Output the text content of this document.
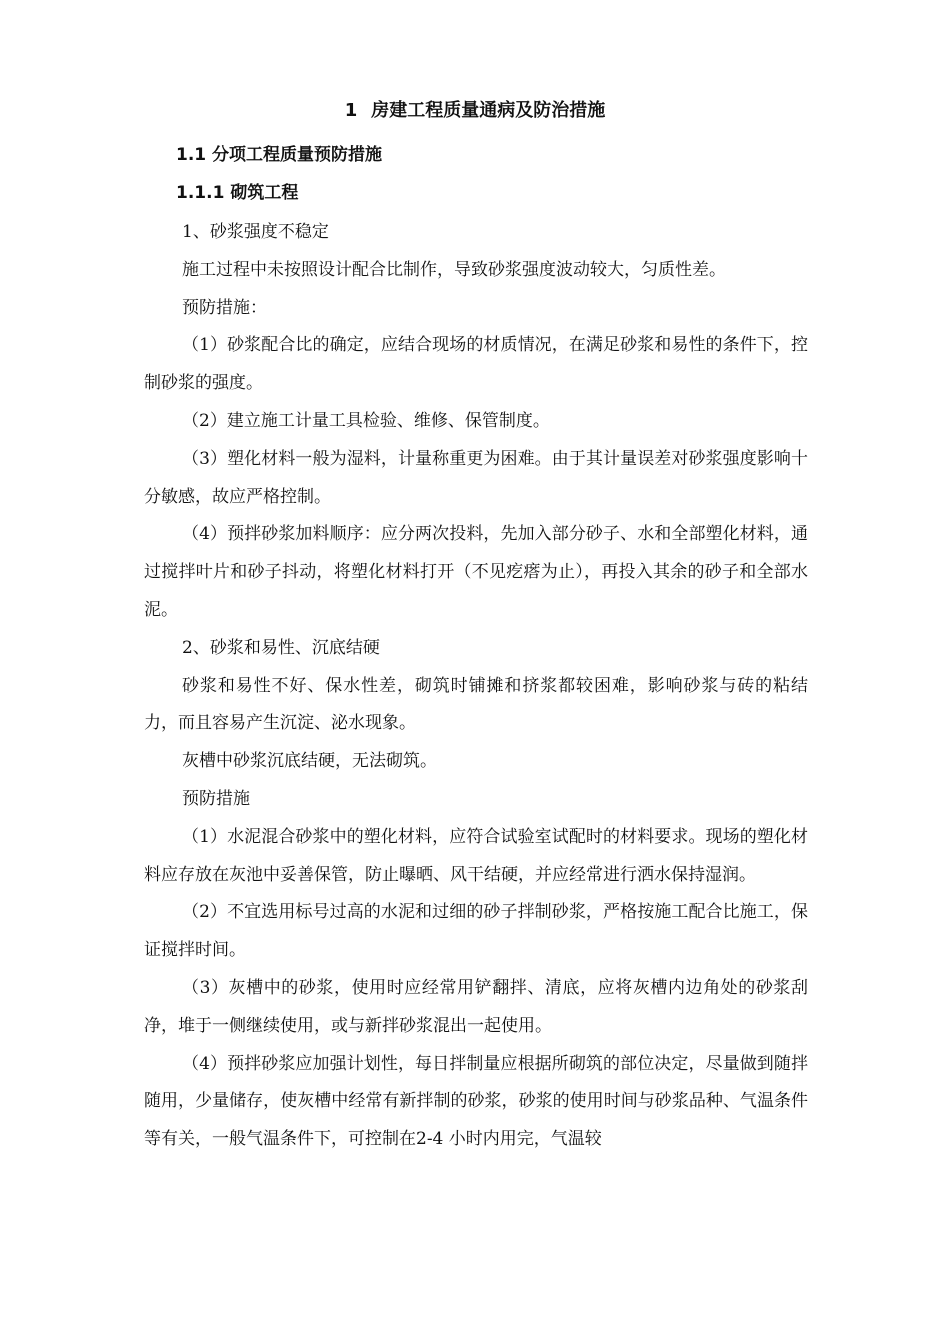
1 房建工程质量通病及防治措施
1.1 分项工程质量预防措施
1.1.1 砌筑工程

1、砂浆强度不稳定

施工过程中未按照设计配合比制作，导致砂浆强度波动较大，匀质性差。

预防措施：

（1）砂浆配合比的确定，应结合现场的材质情况，在满足砂浆和易性的条件下，控制砂浆的强度。

（2）建立施工计量工具检验、维修、保管制度。

（3）塑化材料一般为湿料，计量称重更为困难。由于其计量误差对砂浆强度影响十分敏感，故应严格控制。

（4）预拌砂浆加料顺序：应分两次投料，先加入部分砂子、水和全部塑化材料，通过搅拌叶片和砂子抖动，将塑化材料打开（不见疙瘩为止），再投入其余的砂子和全部水泥。

2、砂浆和易性、沉底结硬

砂浆和易性不好、保水性差，砌筑时铺摊和挤浆都较困难，影响砂浆与砖的粘结力，而且容易产生沉淀、泌水现象。

灰槽中砂浆沉底结硬，无法砌筑。

预防措施

（1）水泥混合砂浆中的塑化材料，应符合试验室试配时的材料要求。现场的塑化材料应存放在灰池中妥善保管，防止曝晒、风干结硬，并应经常进行洒水保持湿润。

（2）不宜选用标号过高的水泥和过细的砂子拌制砂浆，严格按施工配合比施工，保证搅拌时间。

（3）灰槽中的砂浆，使用时应经常用铲翻拌、清底，应将灰槽内边角处的砂浆刮净，堆于一侧继续使用，或与新拌砂浆混出一起使用。

（4）预拌砂浆应加强计划性，每日拌制量应根据所砌筑的部位决定，尽量做到随拌随用，少量储存，使灰槽中经常有新拌制的砂浆，砂浆的使用时间与砂浆品种、气温条件等有关，一般气温条件下，可控制在2-4 小时内用完，气温较
